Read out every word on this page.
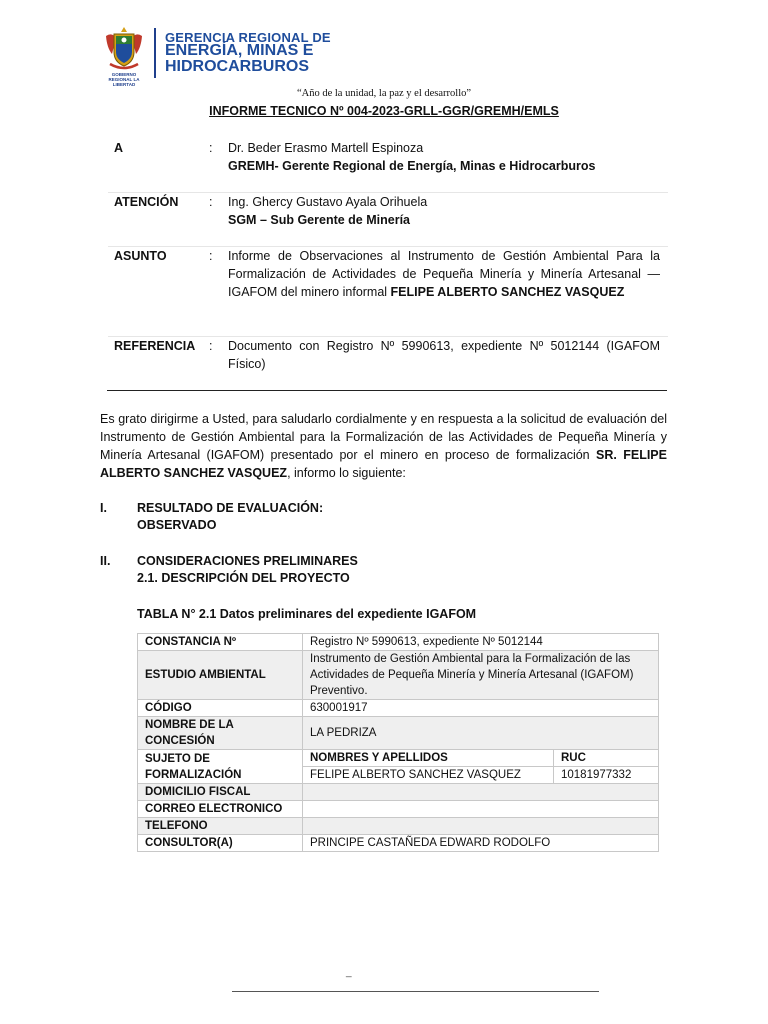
GOBIERNO REGIONAL LA LIBERTAD
GERENCIA REGIONAL DE
ENERGÍA, MINAS E
HIDROCARBUROS
“Año de la unidad, la paz y el desarrollo”
INFORME TECNICO Nº 004-2023-GRLL-GGR/GREMH/EMLS
A	: Dr. Beder Erasmo Martell Espinoza
GREMH- Gerente Regional de Energía, Minas e Hidrocarburos
ATENCIÓN : Ing. Ghercy Gustavo Ayala Orihuela
SGM – Sub Gerente de Minería
ASUNTO	: Informe de Observaciones al Instrumento de Gestión Ambiental Para la Formalización de Actividades de Pequeña Minería y Minería Artesanal — IGAFOM del minero informal FELIPE ALBERTO SANCHEZ VASQUEZ
REFERENCIA : Documento con Registro Nº 5990613, expediente Nº 5012144 (IGAFOM Físico)
Es grato dirigirme a Usted, para saludarlo cordialmente y en respuesta a la solicitud de evaluación del Instrumento de Gestión Ambiental para la Formalización de las Actividades de Pequeña Minería y Minería Artesanal (IGAFOM) presentado por el minero en proceso de formalización SR. FELIPE ALBERTO SANCHEZ VASQUEZ, informo lo siguiente:
I. RESULTADO DE EVALUACIÓN:
OBSERVADO
II. CONSIDERACIONES PRELIMINARES
2.1. DESCRIPCIÓN DEL PROYECTO
TABLA N° 2.1 Datos preliminares del expediente IGAFOM
CONSTANCIA Nº	Registro Nº 5990613, expediente Nº 5012144	
ESTUDIO AMBIENTAL	Instrumento de Gestión Ambiental para la Formalización de las Actividades de Pequeña Minería y Minería Artesanal (IGAFOM) Preventivo.	
CÓDIGO	630001917	
NOMBRE DE LA CONCESIÓN	LA PEDRIZA	
SUJETO DE FORMALIZACIÓN	NOMBRES Y APELLIDOS	RUC
	FELIPE ALBERTO SANCHEZ VASQUEZ	10181977332
DOMICILIO FISCAL		
CORREO ELECTRONICO		
TELEFONO		
CONSULTOR(A)	PRINCIPE CASTAÑEDA EDWARD RODOLFO	
_
